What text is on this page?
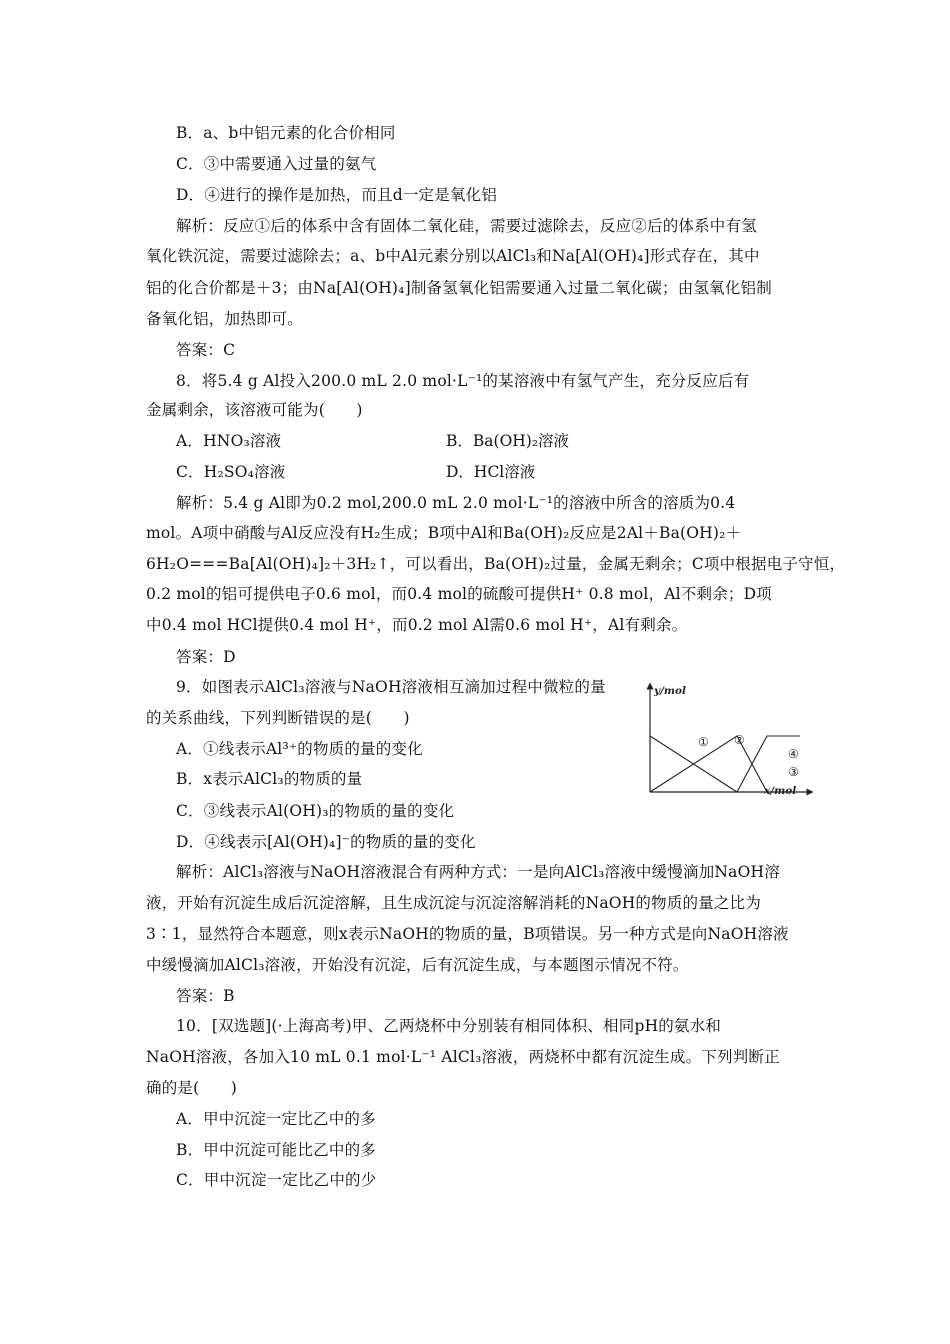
B．a、b中铝元素的化合价相同
C．③中需要通入过量的氨气
D．④进行的操作是加热，而且d一定是氧化铝
解析：反应①后的体系中含有固体二氧化硅，需要过滤除去，反应②后的体系中有氢
氧化铁沉淀，需要过滤除去；a、b中Al元素分别以AlCl₃和Na[Al(OH)₄]形式存在，其中
铝的化合价都是＋3；由Na[Al(OH)₄]制备氢氧化铝需要通入过量二氧化碳；由氢氧化铝制
备氧化铝，加热即可。
答案：C
8．将5.4 g Al投入200.0 mL 2.0 mol·L⁻¹的某溶液中有氢气产生，充分反应后有
金属剩余，该溶液可能为(　　)
A．HNO₃溶液	B．Ba(OH)₂溶液
C．H₂SO₄溶液	D．HCl溶液
解析：5.4 g Al即为0.2 mol,200.0 mL 2.0 mol·L⁻¹的溶液中所含的溶质为0.4
mol。A项中硝酸与Al反应没有H₂生成；B项中Al和Ba(OH)₂反应是2Al＋Ba(OH)₂＋
6H₂O===Ba[Al(OH)₄]₂＋3H₂↑，可以看出，Ba(OH)₂过量，金属无剩余；C项中根据电子守恒，
0.2 mol的铝可提供电子0.6 mol，而0.4 mol的硫酸可提供H⁺ 0.8 mol，Al不剩余；D项
中0.4 mol HCl提供0.4 mol H⁺，而0.2 mol Al需0.6 mol H⁺，Al有剩余。
答案：D
9．如图表示AlCl₃溶液与NaOH溶液相互滴加过程中微粒的量
的关系曲线，下列判断错误的是(　　)
A．①线表示Al³⁺的物质的量的变化
B．x表示AlCl₃的物质的量
C．③线表示Al(OH)₃的物质的量的变化
D．④线表示[Al(OH)₄]⁻的物质的量的变化
y/mol
x/mol
① ②
④
③
解析：AlCl₃溶液与NaOH溶液混合有两种方式：一是向AlCl₃溶液中缓慢滴加NaOH溶
液，开始有沉淀生成后沉淀溶解，且生成沉淀与沉淀溶解消耗的NaOH的物质的量之比为
3∶1，显然符合本题意，则x表示NaOH的物质的量，B项错误。另一种方式是向NaOH溶液
中缓慢滴加AlCl₃溶液，开始没有沉淀，后有沉淀生成，与本题图示情况不符。
答案：B
10．[双选题](·上海高考)甲、乙两烧杯中分别装有相同体积、相同pH的氨水和
NaOH溶液，各加入10 mL 0.1 mol·L⁻¹ AlCl₃溶液，两烧杯中都有沉淀生成。下列判断正
确的是(　　)
A．甲中沉淀一定比乙中的多
B．甲中沉淀可能比乙中的多
C．甲中沉淀一定比乙中的少
